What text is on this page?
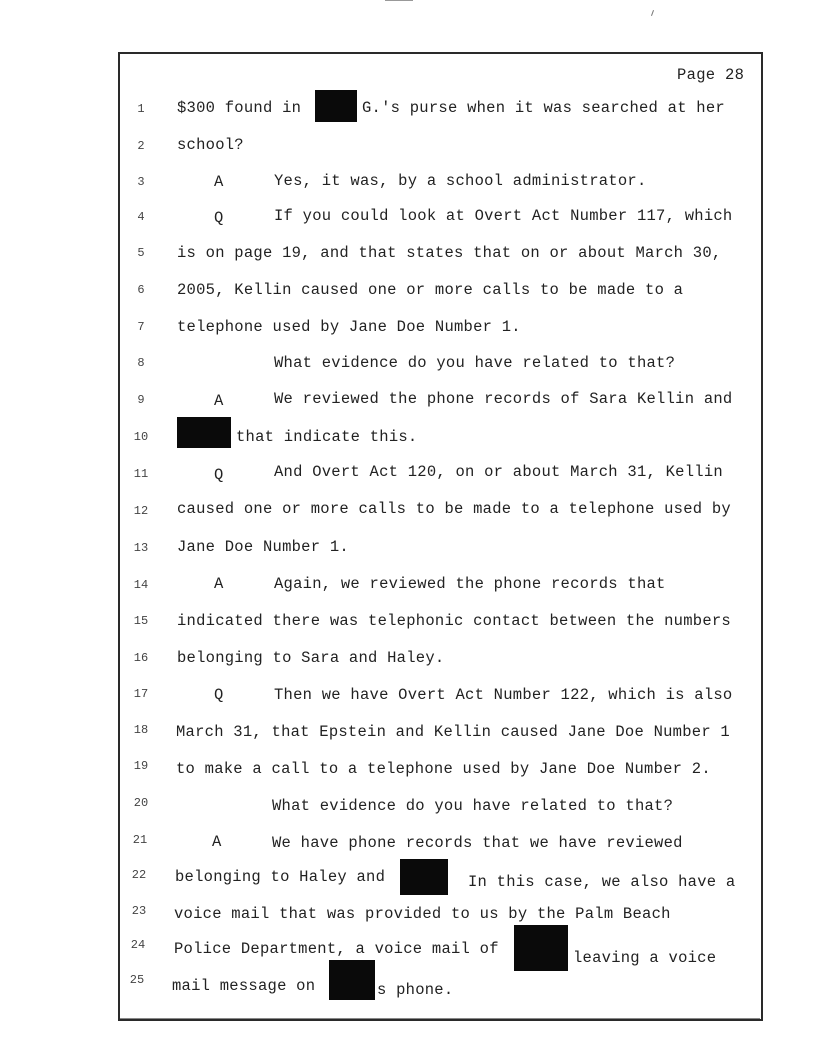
Page 28
1	$300 found in	G.'s purse when it was searched at her
2	school?
3	A	Yes, it was, by a school administrator.
4	Q	If you could look at Overt Act Number 117, which
5	is on page 19, and that states that on or about March 30,
6	2005, Kellin caused one or more calls to be made to a
7	telephone used by Jane Doe Number 1.
8	What evidence do you have related to that?
9	A	We reviewed the phone records of Sara Kellin and
10	that indicate this.
11	Q	And Overt Act 120, on or about March 31, Kellin
12	caused one or more calls to be made to a telephone used by
13	Jane Doe Number 1.
14	A	Again, we reviewed the phone records that
15	indicated there was telephonic contact between the numbers
16	belonging to Sara and Haley.
17	Q	Then we have Overt Act Number 122, which is also
18	March 31, that Epstein and Kellin caused Jane Doe Number 1
19	to make a call to a telephone used by Jane Doe Number 2.
20	What evidence do you have related to that?
21	A	We have phone records that we have reviewed
22	belonging to Haley and	In this case, we also have a
23	voice mail that was provided to us by the Palm Beach
24	Police Department, a voice mail of	leaving a voice
25	mail message on	s phone.
